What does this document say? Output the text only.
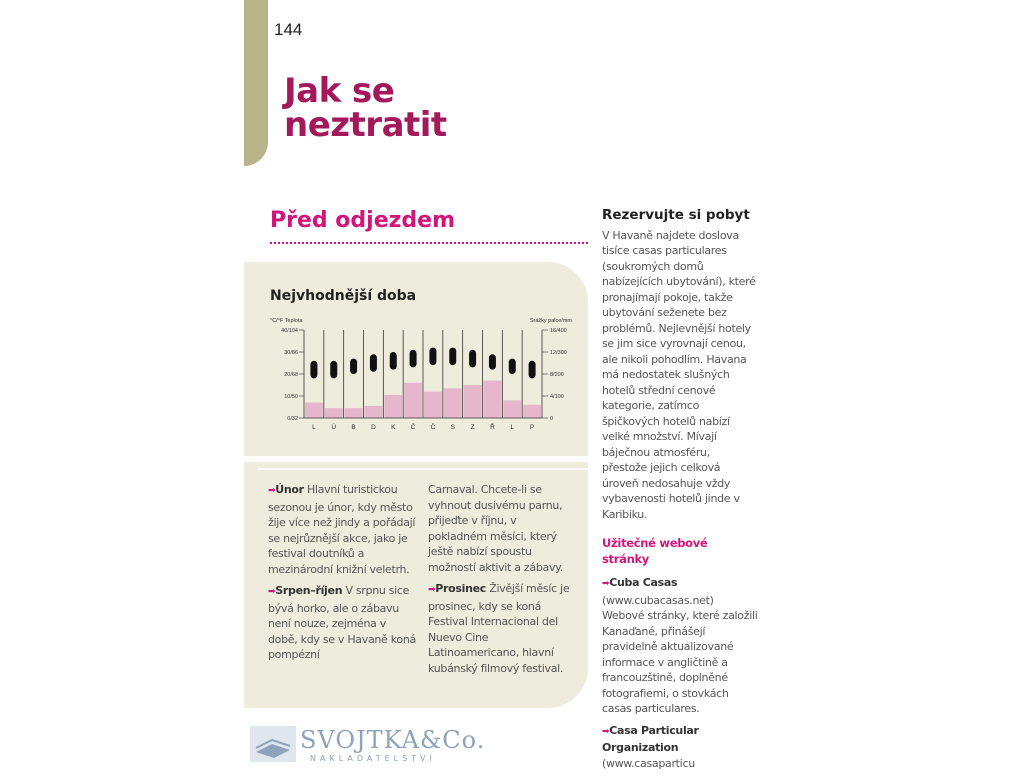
144
Jak se
neztratit
Před odjezdem
Nejvhodnější doba
°C/°F Teplota	Srážky palce/mm
40/104
30/86
20/68
10/50
0/32
16/400
12/300
8/200
4/100
0
L Ú B D K Č Č S Z Ř L P

➡Únor Hlavní turistickou sezonou je únor, kdy město žije více než jindy a pořádají se nejrůznější akce, jako je festival doutníků a mezinárodní knižní veletrh.

➡Srpen–říjen V srpnu sice bývá horko, ale o zábavu není nouze, zejména v době, kdy se v Havaně koná pompézní

Carnaval. Chcete-li se vyhnout dusivému parnu, přijeďte v říjnu, v pokladném měsíci, který ještě nabízí spoustu možností aktivit a zábavy.

➡Prosinec Živější měsíc je prosinec, kdy se koná Festival Internacional del Nuevo Cine Latinoamericano, hlavní kubánský filmový festival.

Rezervujte si pobyt

V Havaně najdete doslova tisíce casas particulares (soukromých domů nabízejících ubytování), které pronajímají pokoje, takže ubytování seženete bez problémů. Nejlevnější hotely se jim sice vyrovnají cenou, ale nikoli pohodlím. Havana má nedostatek slušných hotelů střední cenové kategorie, zatímco špičkových hotelů nabízí velké množství. Mívají báječnou atmosféru, přestože jejich celková úroveň nedosahuje vždy vybavenosti hotelů jinde v Karibiku.

Užitečné webové stránky

➡Cuba Casas (www.cubacasas.net) Webové stránky, které založili Kanaďané, přinášejí pravidelně aktualizované informace v angličtině a francouzštině, doplněné fotografiemi, o stovkách casas particulares.

➡Casa Particular Organization (www.casaparticu

SVOJTKA&Co.
NAKLADATELSTVÍ
